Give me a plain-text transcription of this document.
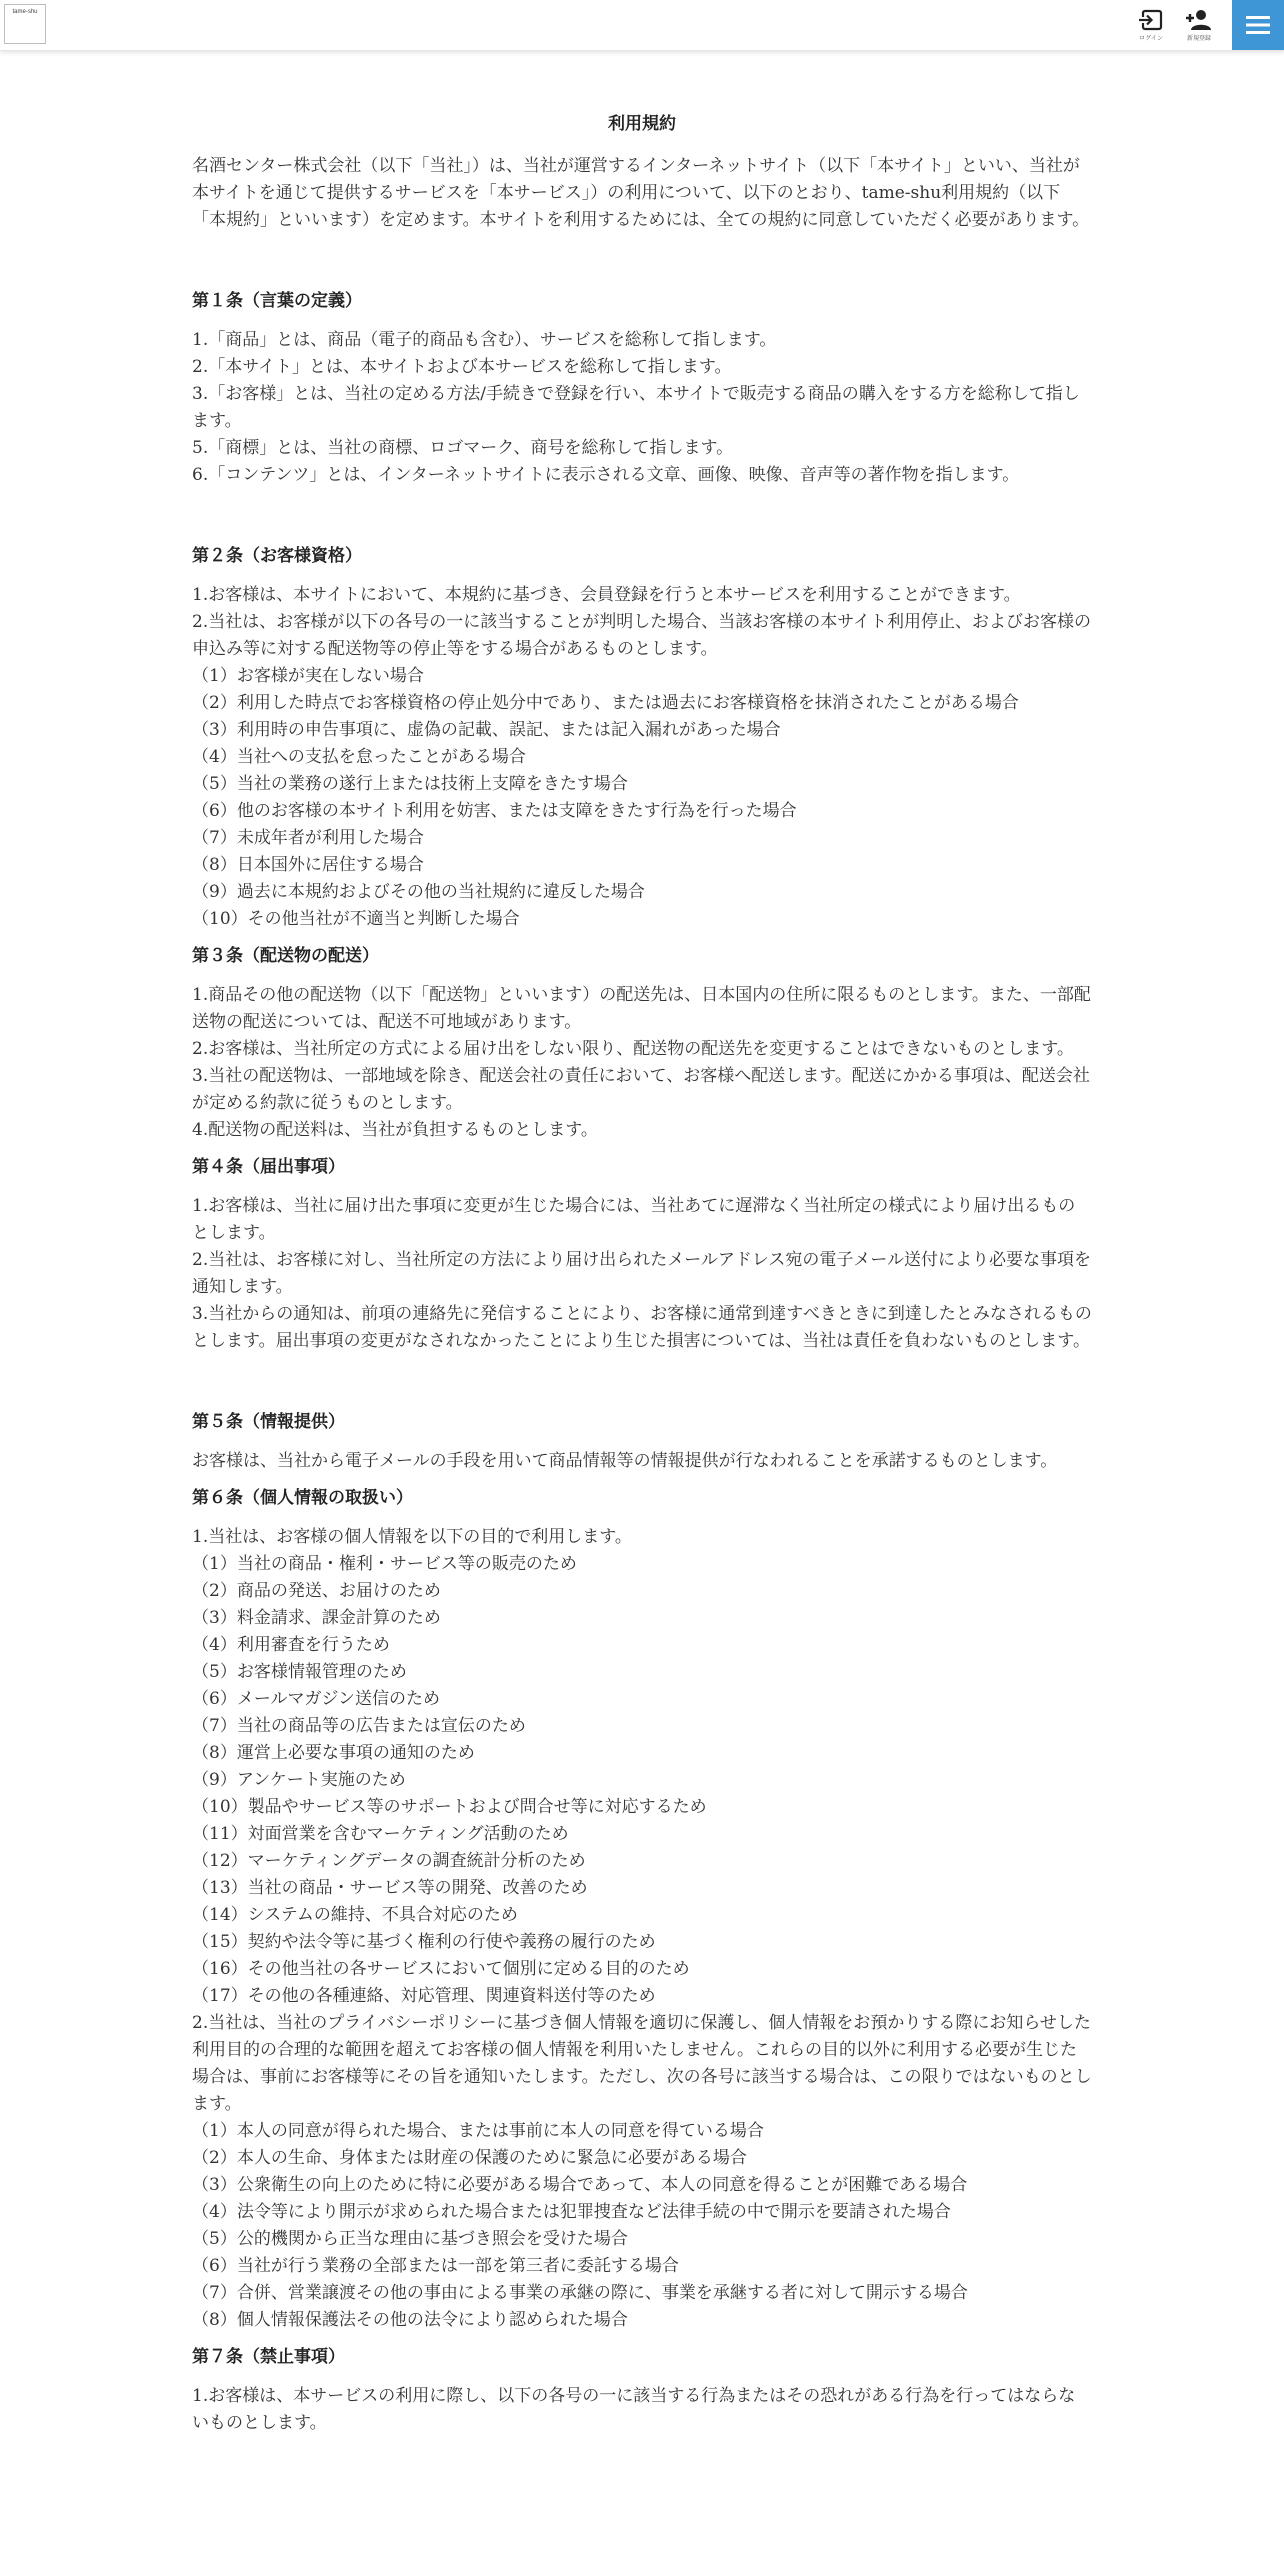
tame-shu
ログイン	新規登録
利用規約

名酒センター株式会社（以下「当社」）は、当社が運営するインターネットサイト（以下「本サイト」といい、当社が本サイトを通じて提供するサービスを「本サービス」）の利用について、以下のとおり、tame-shu利用規約（以下「本規約」といいます）を定めます。本サイトを利用するためには、全ての規約に同意していただく必要があります。

第１条（言葉の定義）
1.「商品」とは、商品（電子的商品も含む）、サービスを総称して指します。
2.「本サイト」とは、本サイトおよび本サービスを総称して指します。
3.「お客様」とは、当社の定める方法/手続きで登録を行い、本サイトで販売する商品の購入をする方を総称して指します。
5.「商標」とは、当社の商標、ロゴマーク、商号を総称して指します。
6.「コンテンツ」とは、インターネットサイトに表示される文章、画像、映像、音声等の著作物を指します。
第２条（お客様資格）
1.お客様は、本サイトにおいて、本規約に基づき、会員登録を行うと本サービスを利用することができます。
2.当社は、お客様が以下の各号の一に該当することが判明した場合、当該お客様の本サイト利用停止、およびお客様の申込み等に対する配送物等の停止等をする場合があるものとします。
（1）お客様が実在しない場合
（2）利用した時点でお客様資格の停止処分中であり、または過去にお客様資格を抹消されたことがある場合
（3）利用時の申告事項に、虚偽の記載、誤記、または記入漏れがあった場合
（4）当社への支払を怠ったことがある場合
（5）当社の業務の遂行上または技術上支障をきたす場合
（6）他のお客様の本サイト利用を妨害、または支障をきたす行為を行った場合
（7）未成年者が利用した場合
（8）日本国外に居住する場合
（9）過去に本規約およびその他の当社規約に違反した場合
（10）その他当社が不適当と判断した場合
第３条（配送物の配送）
1.商品その他の配送物（以下「配送物」といいます）の配送先は、日本国内の住所に限るものとします。また、一部配送物の配送については、配送不可地域があります。
2.お客様は、当社所定の方式による届け出をしない限り、配送物の配送先を変更することはできないものとします。
3.当社の配送物は、一部地域を除き、配送会社の責任において、お客様へ配送します。配送にかかる事項は、配送会社が定める約款に従うものとします。
4.配送物の配送料は、当社が負担するものとします。
第４条（届出事項）
1.お客様は、当社に届け出た事項に変更が生じた場合には、当社あてに遅滞なく当社所定の様式により届け出るものとします。
2.当社は、お客様に対し、当社所定の方法により届け出られたメールアドレス宛の電子メール送付により必要な事項を通知します。
3.当社からの通知は、前項の連絡先に発信することにより、お客様に通常到達すべきときに到達したとみなされるものとします。届出事項の変更がなされなかったことにより生じた損害については、当社は責任を負わないものとします。
第５条（情報提供）
お客様は、当社から電子メールの手段を用いて商品情報等の情報提供が行なわれることを承諾するものとします。
第６条（個人情報の取扱い）
1.当社は、お客様の個人情報を以下の目的で利用します。
（1）当社の商品・権利・サービス等の販売のため
（2）商品の発送、お届けのため
（3）料金請求、課金計算のため
（4）利用審査を行うため
（5）お客様情報管理のため
（6）メールマガジン送信のため
（7）当社の商品等の広告または宣伝のため
（8）運営上必要な事項の通知のため
（9）アンケート実施のため
（10）製品やサービス等のサポートおよび問合せ等に対応するため
（11）対面営業を含むマーケティング活動のため
（12）マーケティングデータの調査統計分析のため
（13）当社の商品・サービス等の開発、改善のため
（14）システムの維持、不具合対応のため
（15）契約や法令等に基づく権利の行使や義務の履行のため
（16）その他当社の各サービスにおいて個別に定める目的のため
（17）その他の各種連絡、対応管理、関連資料送付等のため
2.当社は、当社のプライバシーポリシーに基づき個人情報を適切に保護し、個人情報をお預かりする際にお知らせした利用目的の合理的な範囲を超えてお客様の個人情報を利用いたしません。これらの目的以外に利用する必要が生じた場合は、事前にお客様等にその旨を通知いたします。ただし、次の各号に該当する場合は、この限りではないものとします。
（1）本人の同意が得られた場合、または事前に本人の同意を得ている場合
（2）本人の生命、身体または財産の保護のために緊急に必要がある場合
（3）公衆衛生の向上のために特に必要がある場合であって、本人の同意を得ることが困難である場合
（4）法令等により開示が求められた場合または犯罪捜査など法律手続の中で開示を要請された場合
（5）公的機関から正当な理由に基づき照会を受けた場合
（6）当社が行う業務の全部または一部を第三者に委託する場合
（7）合併、営業譲渡その他の事由による事業の承継の際に、事業を承継する者に対して開示する場合
（8）個人情報保護法その他の法令により認められた場合
第７条（禁止事項）
1.お客様は、本サービスの利用に際し、以下の各号の一に該当する行為またはその恐れがある行為を行ってはならないものとします。
